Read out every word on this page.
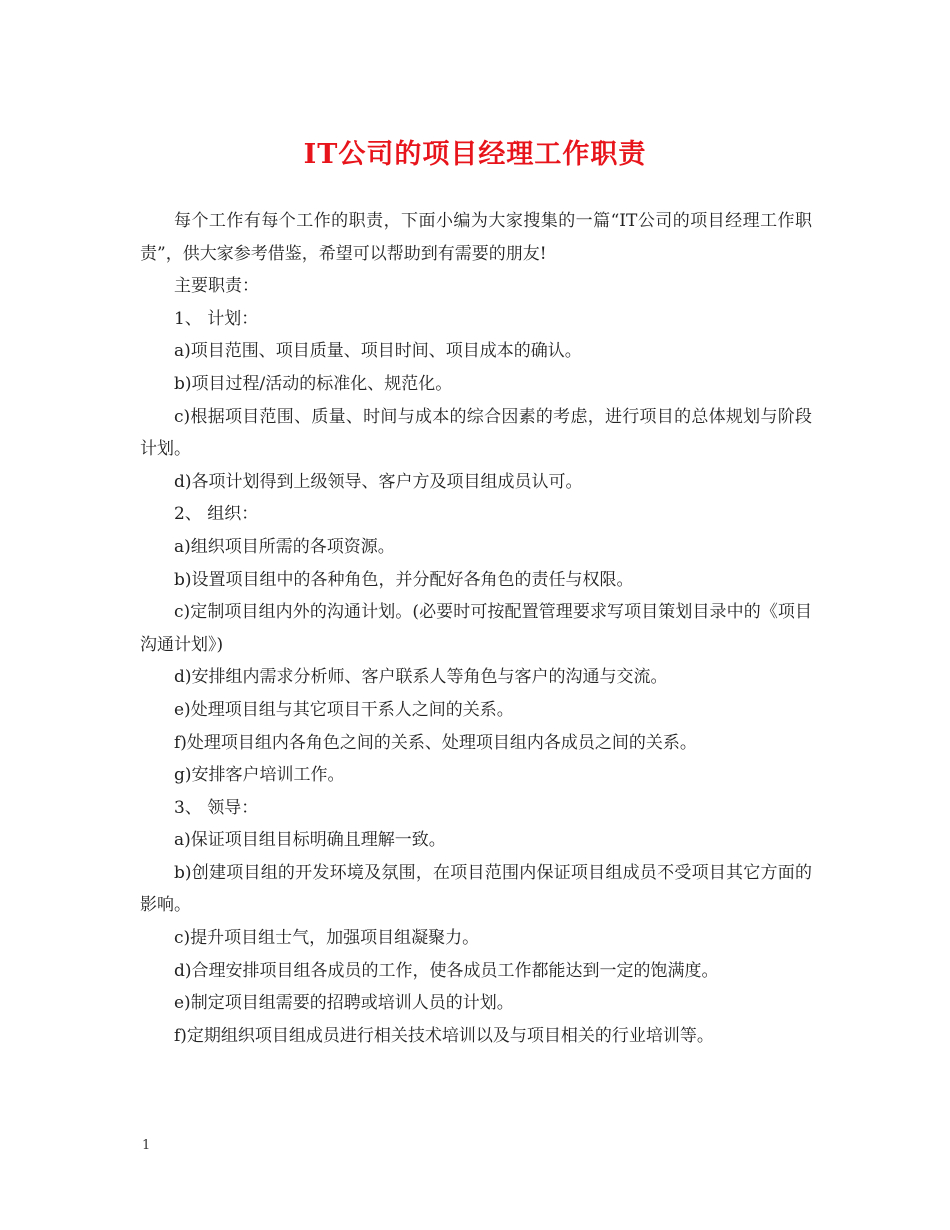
IT公司的项目经理工作职责

每个工作有每个工作的职责，下面小编为大家搜集的一篇“IT公司的项目经理工作职责”，供大家参考借鉴，希望可以帮助到有需要的朋友!

主要职责：

1、 计划：

a)项目范围、项目质量、项目时间、项目成本的确认。

b)项目过程/活动的标准化、规范化。

c)根据项目范围、质量、时间与成本的综合因素的考虑，进行项目的总体规划与阶段计划。

d)各项计划得到上级领导、客户方及项目组成员认可。

2、 组织：

a)组织项目所需的各项资源。

b)设置项目组中的各种角色，并分配好各角色的责任与权限。

c)定制项目组内外的沟通计划。(必要时可按配置管理要求写项目策划目录中的《项目沟通计划》)

d)安排组内需求分析师、客户联系人等角色与客户的沟通与交流。

e)处理项目组与其它项目干系人之间的关系。

f)处理项目组内各角色之间的关系、处理项目组内各成员之间的关系。

g)安排客户培训工作。

3、 领导：

a)保证项目组目标明确且理解一致。

b)创建项目组的开发环境及氛围，在项目范围内保证项目组成员不受项目其它方面的影响。

c)提升项目组士气，加强项目组凝聚力。

d)合理安排项目组各成员的工作，使各成员工作都能达到一定的饱满度。

e)制定项目组需要的招聘或培训人员的计划。

f)定期组织项目组成员进行相关技术培训以及与项目相关的行业培训等。

1
